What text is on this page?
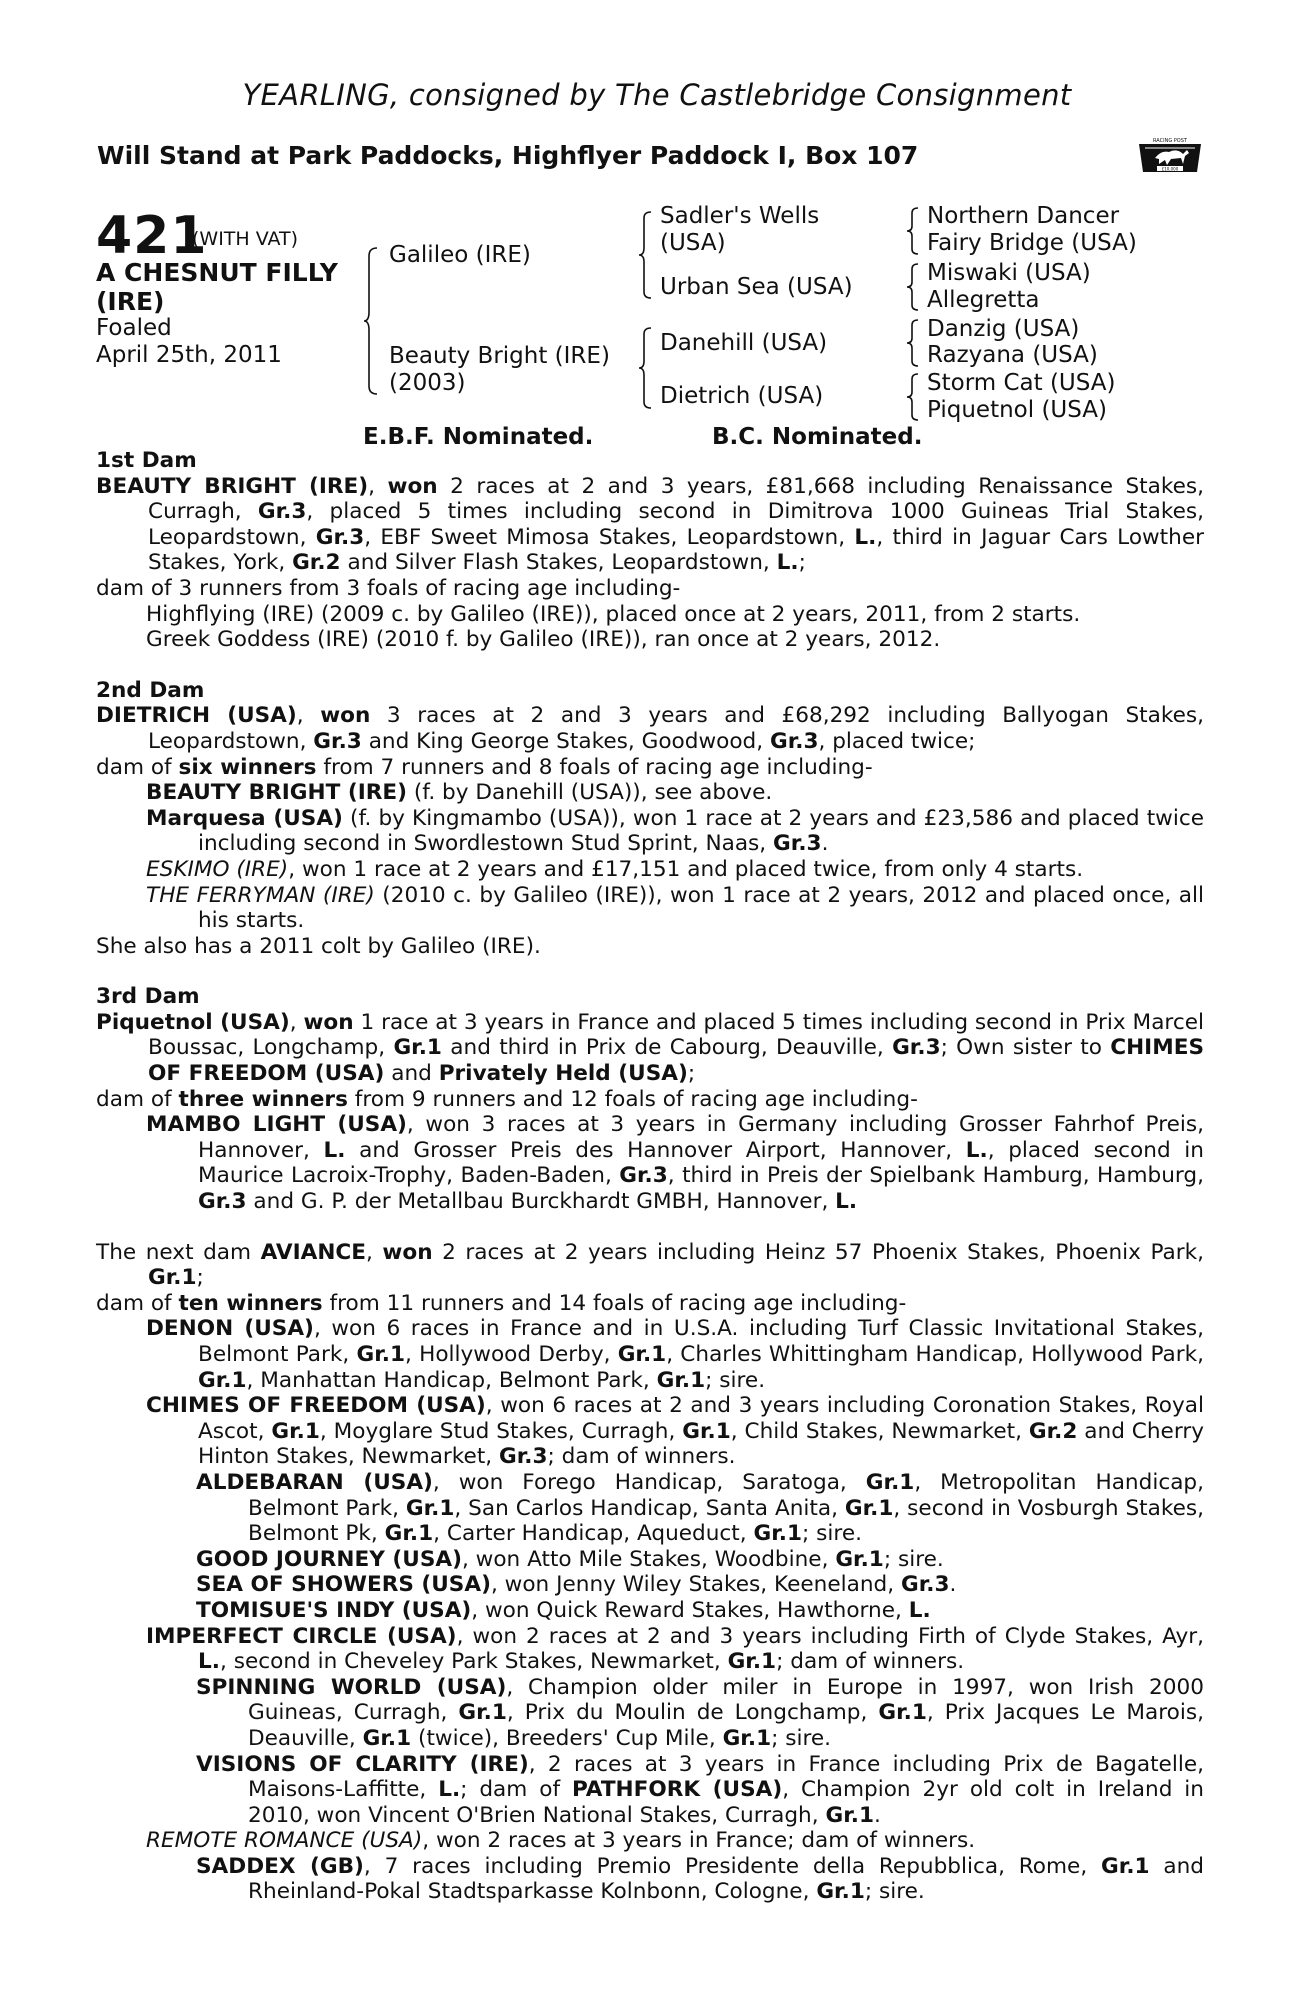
YEARLING, consigned by The Castlebridge Consignment
Will Stand at Park Paddocks, Highflyer Paddock I, Box 107	RACING POST
£10,000
421
(WITH VAT)
A CHESNUT FILLY
(IRE)
Foaled
April 25th, 2011
Galileo (IRE)
Beauty Bright (IRE)
(2003)
Sadler's Wells
(USA)
Urban Sea (USA)
Danehill (USA)
Dietrich (USA)
Northern Dancer
Fairy Bridge (USA)
Miswaki (USA)
Allegretta
Danzig (USA)
Razyana (USA)
Storm Cat (USA)
Piquetnol (USA)
E.B.F. Nominated.	B.C. Nominated.

1st Dam

BEAUTY BRIGHT (IRE), won 2 races at 2 and 3 years, £81,668 including Renaissance Stakes, Curragh, Gr.3, placed 5 times including second in Dimitrova 1000 Guineas Trial Stakes, Leopardstown, Gr.3, EBF Sweet Mimosa Stakes, Leopardstown, L., third in Jaguar Cars Lowther Stakes, York, Gr.2 and Silver Flash Stakes, Leopardstown, L.;

dam of 3 runners from 3 foals of racing age including-

Highflying (IRE) (2009 c. by Galileo (IRE)), placed once at 2 years, 2011, from 2 starts.

Greek Goddess (IRE) (2010 f. by Galileo (IRE)), ran once at 2 years, 2012.

2nd Dam

DIETRICH (USA), won 3 races at 2 and 3 years and £68,292 including Ballyogan Stakes, Leopardstown, Gr.3 and King George Stakes, Goodwood, Gr.3, placed twice;

dam of six winners from 7 runners and 8 foals of racing age including-

BEAUTY BRIGHT (IRE) (f. by Danehill (USA)), see above.

Marquesa (USA) (f. by Kingmambo (USA)), won 1 race at 2 years and £23,586 and placed twice including second in Swordlestown Stud Sprint, Naas, Gr.3.

ESKIMO (IRE), won 1 race at 2 years and £17,151 and placed twice, from only 4 starts.

THE FERRYMAN (IRE) (2010 c. by Galileo (IRE)), won 1 race at 2 years, 2012 and placed once, all his starts.

She also has a 2011 colt by Galileo (IRE).

3rd Dam

Piquetnol (USA), won 1 race at 3 years in France and placed 5 times including second in Prix Marcel Boussac, Longchamp, Gr.1 and third in Prix de Cabourg, Deauville, Gr.3; Own sister to CHIMES OF FREEDOM (USA) and Privately Held (USA);

dam of three winners from 9 runners and 12 foals of racing age including-

MAMBO LIGHT (USA), won 3 races at 3 years in Germany including Grosser Fahrhof Preis, Hannover, L. and Grosser Preis des Hannover Airport, Hannover, L., placed second in Maurice Lacroix-Trophy, Baden-Baden, Gr.3, third in Preis der Spielbank Hamburg, Hamburg, Gr.3 and G. P. der Metallbau Burckhardt GMBH, Hannover, L.

The next dam AVIANCE, won 2 races at 2 years including Heinz 57 Phoenix Stakes, Phoenix Park, Gr.1;

dam of ten winners from 11 runners and 14 foals of racing age including-

DENON (USA), won 6 races in France and in U.S.A. including Turf Classic Invitational Stakes, Belmont Park, Gr.1, Hollywood Derby, Gr.1, Charles Whittingham Handicap, Hollywood Park, Gr.1, Manhattan Handicap, Belmont Park, Gr.1; sire.

CHIMES OF FREEDOM (USA), won 6 races at 2 and 3 years including Coronation Stakes, Royal Ascot, Gr.1, Moyglare Stud Stakes, Curragh, Gr.1, Child Stakes, Newmarket, Gr.2 and Cherry Hinton Stakes, Newmarket, Gr.3; dam of winners.

ALDEBARAN (USA), won Forego Handicap, Saratoga, Gr.1, Metropolitan Handicap, Belmont Park, Gr.1, San Carlos Handicap, Santa Anita, Gr.1, second in Vosburgh Stakes, Belmont Pk, Gr.1, Carter Handicap, Aqueduct, Gr.1; sire.

GOOD JOURNEY (USA), won Atto Mile Stakes, Woodbine, Gr.1; sire.

SEA OF SHOWERS (USA), won Jenny Wiley Stakes, Keeneland, Gr.3.

TOMISUE'S INDY (USA), won Quick Reward Stakes, Hawthorne, L.

IMPERFECT CIRCLE (USA), won 2 races at 2 and 3 years including Firth of Clyde Stakes, Ayr, L., second in Cheveley Park Stakes, Newmarket, Gr.1; dam of winners.

SPINNING WORLD (USA), Champion older miler in Europe in 1997, won Irish 2000 Guineas, Curragh, Gr.1, Prix du Moulin de Longchamp, Gr.1, Prix Jacques Le Marois, Deauville, Gr.1 (twice), Breeders' Cup Mile, Gr.1; sire.

VISIONS OF CLARITY (IRE), 2 races at 3 years in France including Prix de Bagatelle, Maisons-Laffitte, L.; dam of PATHFORK (USA), Champion 2yr old colt in Ireland in 2010, won Vincent O'Brien National Stakes, Curragh, Gr.1.

REMOTE ROMANCE (USA), won 2 races at 3 years in France; dam of winners.

SADDEX (GB), 7 races including Premio Presidente della Repubblica, Rome, Gr.1 and Rheinland-Pokal Stadtsparkasse Kolnbonn, Cologne, Gr.1; sire.
